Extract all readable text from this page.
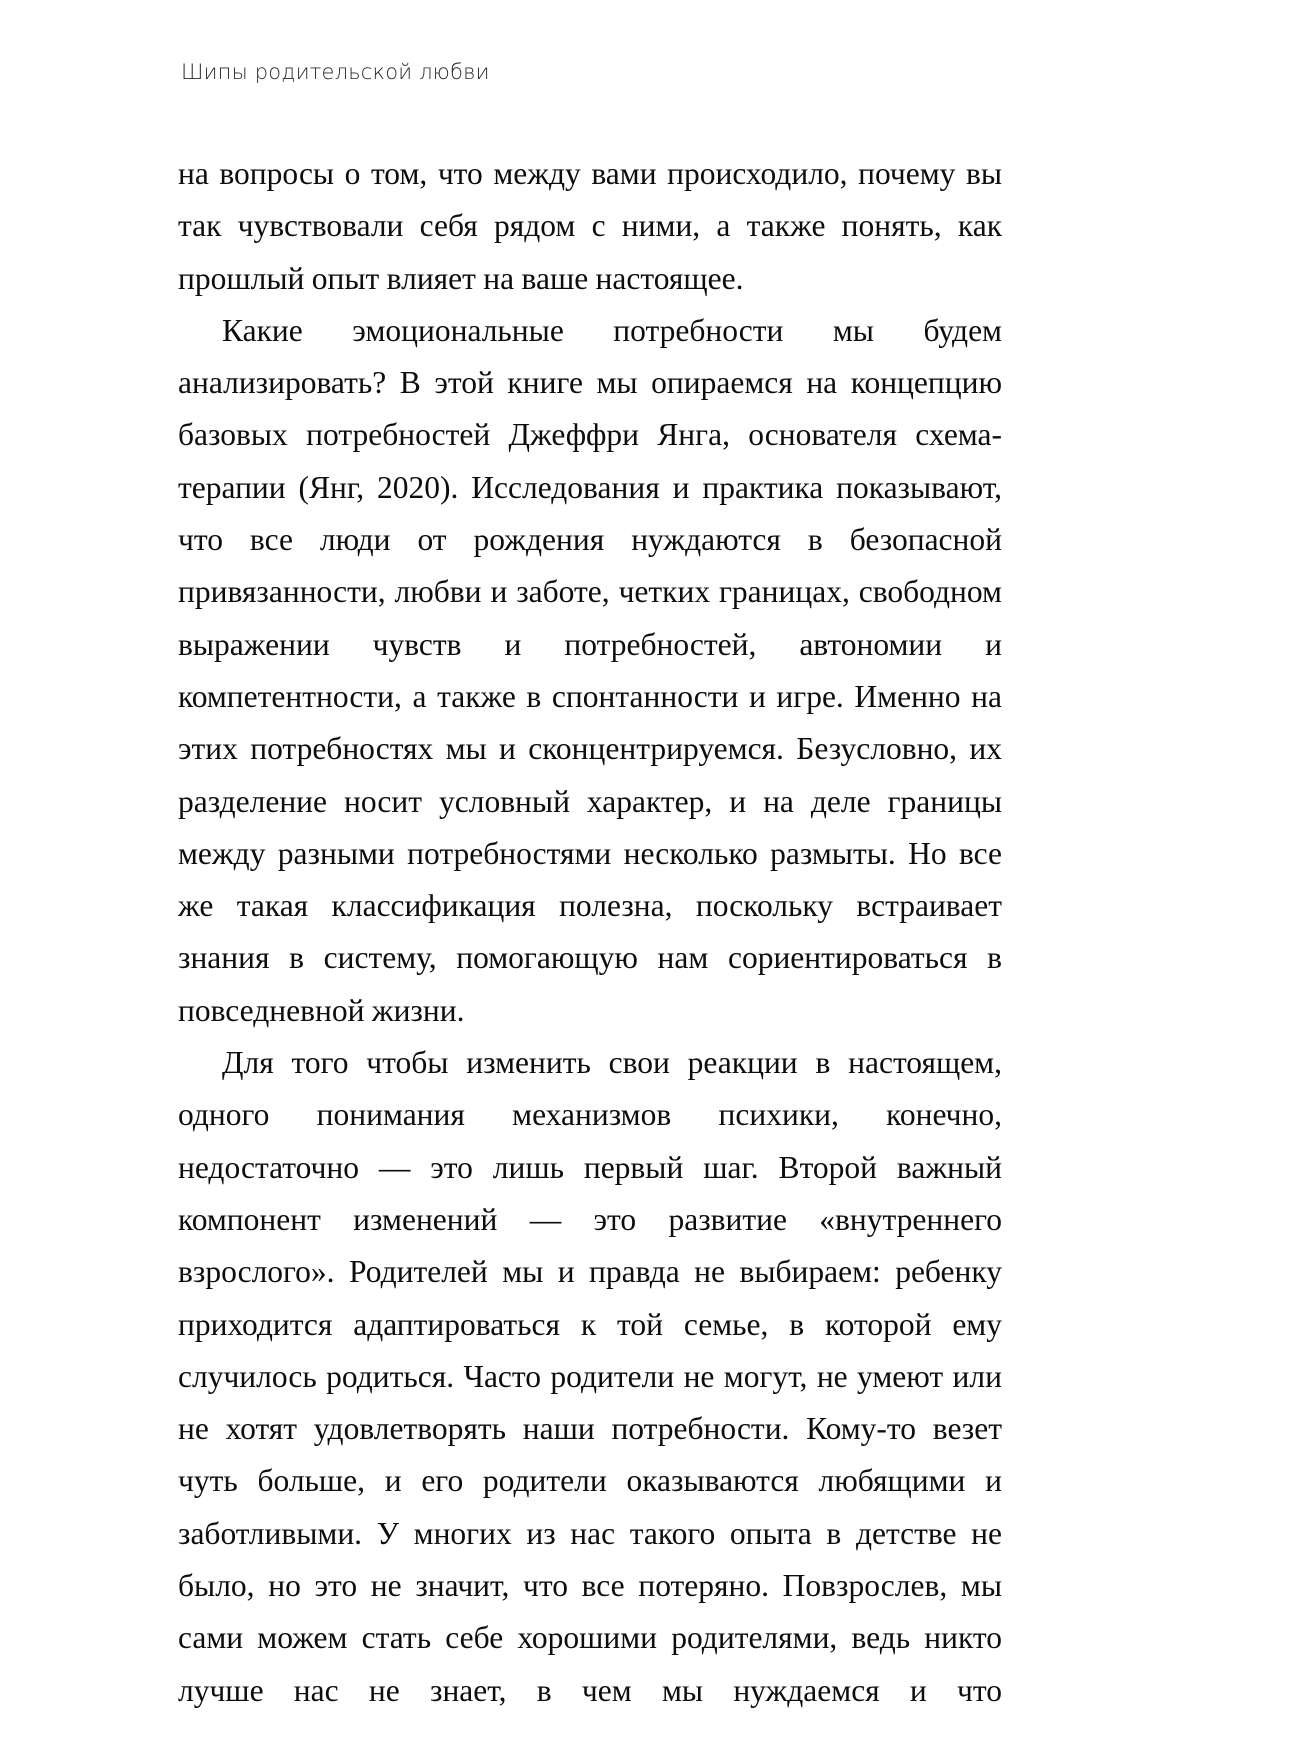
Шипы родительской любви

на вопросы о том, что между вами происходило, почему вы так чувствовали себя рядом с ними, а также понять, как прошлый опыт влияет на ваше настоящее.

Какие эмоциональные потребности мы будем анализировать? В этой книге мы опираемся на концепцию базовых потребностей Джеффри Янга, основателя схема-терапии (Янг, 2020). Исследования и практика показывают, что все люди от рождения нуждаются в безопасной привязанности, любви и заботе, четких границах, свободном выражении чувств и потребностей, автономии и компетентности, а также в спонтанности и игре. Именно на этих потребностях мы и сконцентрируемся. Безусловно, их разделение носит условный характер, и на деле границы между разными потребностями несколько размыты. Но все же такая классификация полезна, поскольку встраивает знания в систему, помогающую нам сориентироваться в повседневной жизни.

Для того чтобы изменить свои реакции в настоящем, одного понимания механизмов психики, конечно, недостаточно — это лишь первый шаг. Второй важный компонент изменений — это развитие «внутреннего взрослого». Родителей мы и правда не выбираем: ребенку приходится адаптироваться к той семье, в которой ему случилось родиться. Часто родители не могут, не умеют или не хотят удовлетворять наши потребности. Кому-то везет чуть больше, и его родители оказываются любящими и заботливыми. У многих из нас такого опыта в детстве не было, но это не значит, что все потеряно. Повзрослев, мы сами можем стать себе хорошими родителями, ведь никто лучше нас не знает, в чем мы нуждаемся и что
